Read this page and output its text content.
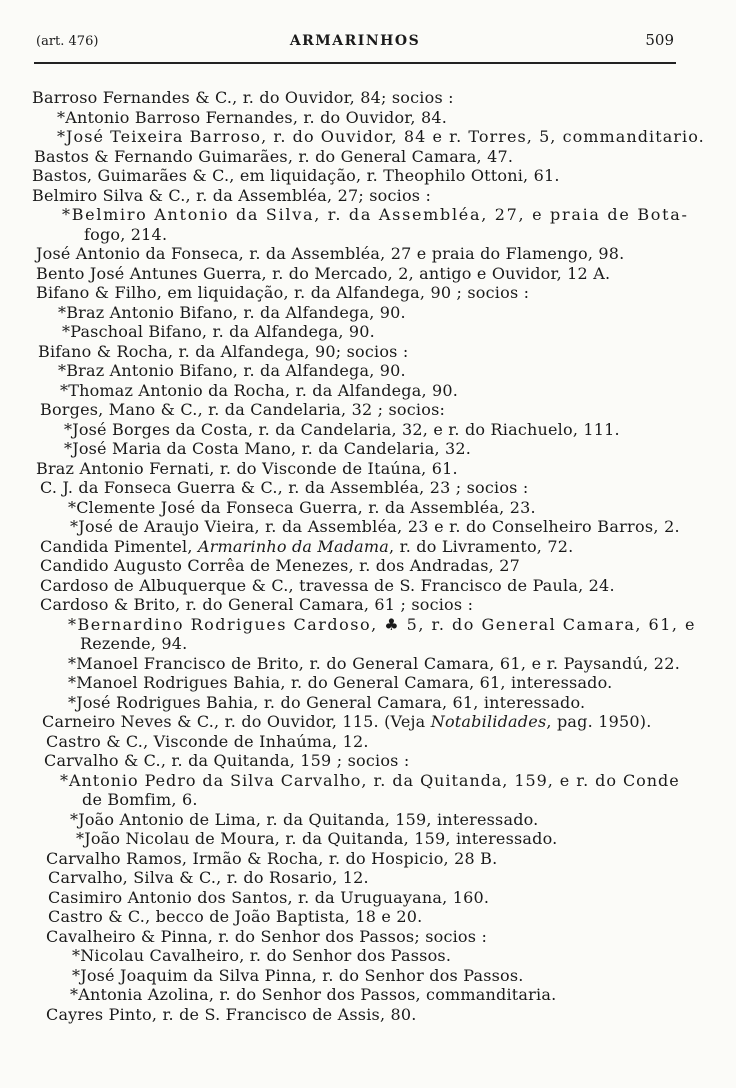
(art. 476)	ARMARINHOS	509
Barroso Fernandes & C., r. do Ouvidor, 84; socios :
*Antonio Barroso Fernandes, r. do Ouvidor, 84.
*José Teixeira Barroso, r. do Ouvidor, 84 e r. Torres, 5, commanditario.
Bastos & Fernando Guimarães, r. do General Camara, 47.
Bastos, Guimarães & C., em liquidação, r. Theophilo Ottoni, 61.
Belmiro Silva & C., r. da Assembléa, 27; socios :
*Belmiro Antonio da Silva, r. da Assembléa, 27, e praia de Bota-
fogo, 214.
José Antonio da Fonseca, r. da Assembléa, 27 e praia do Flamengo, 98.
Bento José Antunes Guerra, r. do Mercado, 2, antigo e Ouvidor, 12 A.
Bifano & Filho, em liquidação, r. da Alfandega, 90 ; socios :
*Braz Antonio Bifano, r. da Alfandega, 90.
*Paschoal Bifano, r. da Alfandega, 90.
Bifano & Rocha, r. da Alfandega, 90; socios :
*Braz Antonio Bifano, r. da Alfandega, 90.
*Thomaz Antonio da Rocha, r. da Alfandega, 90.
Borges, Mano & C., r. da Candelaria, 32 ; socios:
*José Borges da Costa, r. da Candelaria, 32, e r. do Riachuelo, 111.
*José Maria da Costa Mano, r. da Candelaria, 32.
Braz Antonio Fernati, r. do Visconde de Itaúna, 61.
C. J. da Fonseca Guerra & C., r. da Assembléa, 23 ; socios :
*Clemente José da Fonseca Guerra, r. da Assembléa, 23.
*José de Araujo Vieira, r. da Assembléa, 23 e r. do Conselheiro Barros, 2.
Candida Pimentel, Armarinho da Madama, r. do Livramento, 72.
Candido Augusto Corrêa de Menezes, r. dos Andradas, 27
Cardoso de Albuquerque & C., travessa de S. Francisco de Paula, 24.
Cardoso & Brito, r. do General Camara, 61 ; socios :
*Bernardino Rodrigues Cardoso, ♣ 5, r. do General Camara, 61, e
Rezende, 94.
*Manoel Francisco de Brito, r. do General Camara, 61, e r. Paysandú, 22.
*Manoel Rodrigues Bahia, r. do General Camara, 61, interessado.
*José Rodrigues Bahia, r. do General Camara, 61, interessado.
Carneiro Neves & C., r. do Ouvidor, 115. (Veja Notabilidades, pag. 1950).
Castro & C., Visconde de Inhaúma, 12.
Carvalho & C., r. da Quitanda, 159 ; socios :
*Antonio Pedro da Silva Carvalho, r. da Quitanda, 159, e r. do Conde
de Bomfim, 6.
*João Antonio de Lima, r. da Quitanda, 159, interessado.
*João Nicolau de Moura, r. da Quitanda, 159, interessado.
Carvalho Ramos, Irmão & Rocha, r. do Hospicio, 28 B.
Carvalho, Silva & C., r. do Rosario, 12.
Casimiro Antonio dos Santos, r. da Uruguayana, 160.
Castro & C., becco de João Baptista, 18 e 20.
Cavalheiro & Pinna, r. do Senhor dos Passos; socios :
*Nicolau Cavalheiro, r. do Senhor dos Passos.
*José Joaquim da Silva Pinna, r. do Senhor dos Passos.
*Antonia Azolina, r. do Senhor dos Passos, commanditaria.
Cayres Pinto, r. de S. Francisco de Assis, 80.
